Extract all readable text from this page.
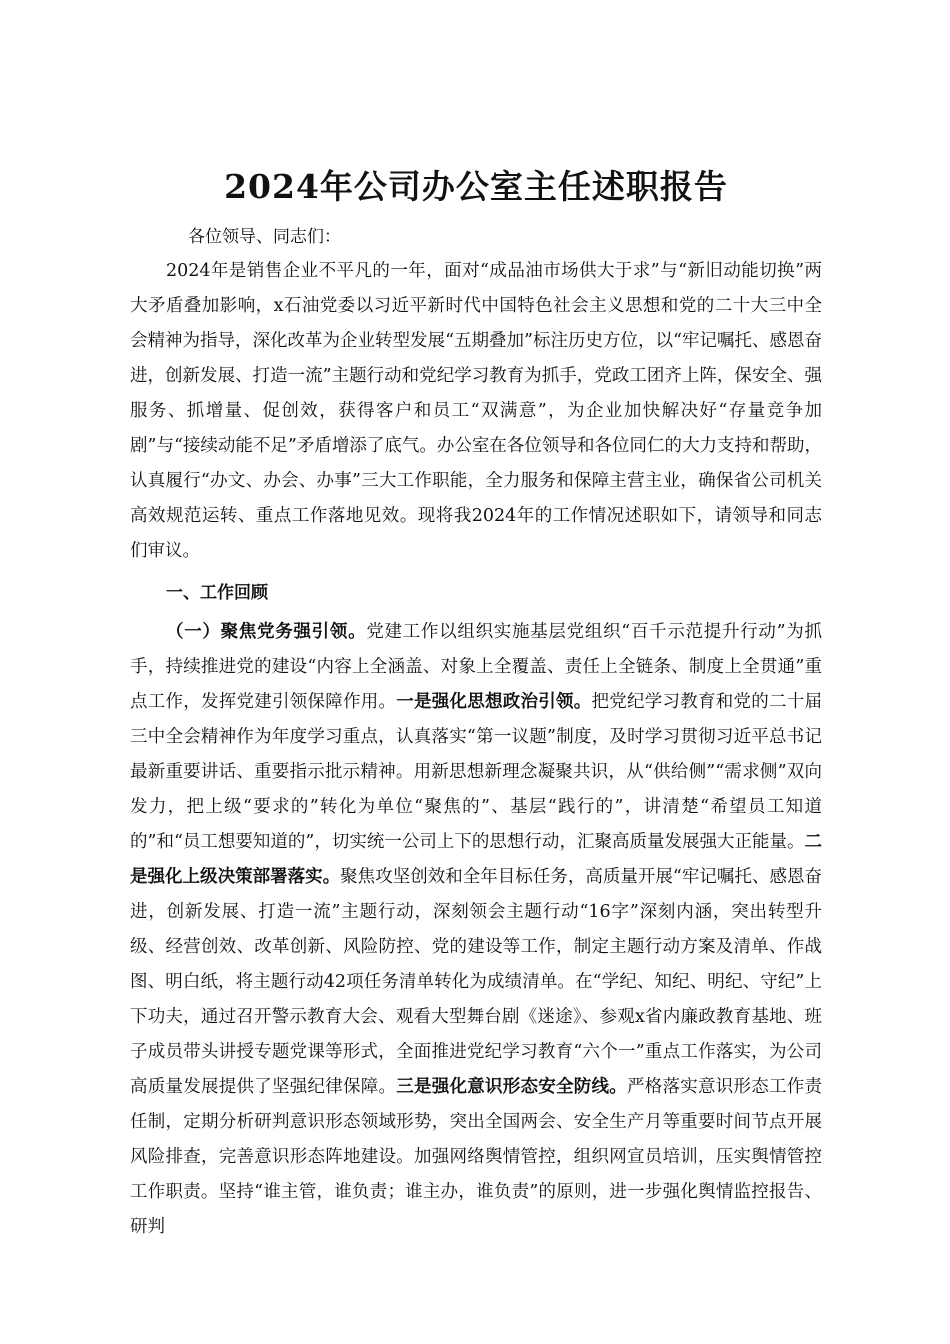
2024年公司办公室主任述职报告

各位领导、同志们：

2024年是销售企业不平凡的一年，面对“成品油市场供大于求”与“新旧动能切换”两大矛盾叠加影响，x石油党委以习近平新时代中国特色社会主义思想和党的二十大三中全会精神为指导，深化改革为企业转型发展“五期叠加”标注历史方位，以“牢记嘱托、感恩奋进，创新发展、打造一流”主题行动和党纪学习教育为抓手，党政工团齐上阵，保安全、强服务、抓增量、促创效，获得客户和员工“双满意”，为企业加快解决好“存量竞争加剧”与“接续动能不足”矛盾增添了底气。办公室在各位领导和各位同仁的大力支持和帮助，认真履行“办文、办会、办事”三大工作职能，全力服务和保障主营主业，确保省公司机关高效规范运转、重点工作落地见效。现将我2024年的工作情况述职如下，请领导和同志们审议。

一、工作回顾

（一）聚焦党务强引领。党建工作以组织实施基层党组织“百千示范提升行动”为抓手，持续推进党的建设“内容上全涵盖、对象上全覆盖、责任上全链条、制度上全贯通”重点工作，发挥党建引领保障作用。一是强化思想政治引领。把党纪学习教育和党的二十届三中全会精神作为年度学习重点，认真落实“第一议题”制度，及时学习贯彻习近平总书记最新重要讲话、重要指示批示精神。用新思想新理念凝聚共识，从“供给侧”“需求侧”双向发力，把上级“要求的”转化为单位“聚焦的”、基层“践行的”，讲清楚“希望员工知道的”和“员工想要知道的”，切实统一公司上下的思想行动，汇聚高质量发展强大正能量。二是强化上级决策部署落实。聚焦攻坚创效和全年目标任务，高质量开展“牢记嘱托、感恩奋进，创新发展、打造一流”主题行动，深刻领会主题行动“16字”深刻内涵，突出转型升级、经营创效、改革创新、风险防控、党的建设等工作，制定主题行动方案及清单、作战图、明白纸，将主题行动42项任务清单转化为成绩清单。在“学纪、知纪、明纪、守纪”上下功夫，通过召开警示教育大会、观看大型舞台剧《迷途》、参观x省内廉政教育基地、班子成员带头讲授专题党课等形式，全面推进党纪学习教育“六个一”重点工作落实，为公司高质量发展提供了坚强纪律保障。三是强化意识形态安全防线。严格落实意识形态工作责任制，定期分析研判意识形态领域形势，突出全国两会、安全生产月等重要时间节点开展风险排查，完善意识形态阵地建设。加强网络舆情管控，组织网宣员培训，压实舆情管控工作职责。坚持“谁主管，谁负责；谁主办，谁负责”的原则，进一步强化舆情监控报告、研判
